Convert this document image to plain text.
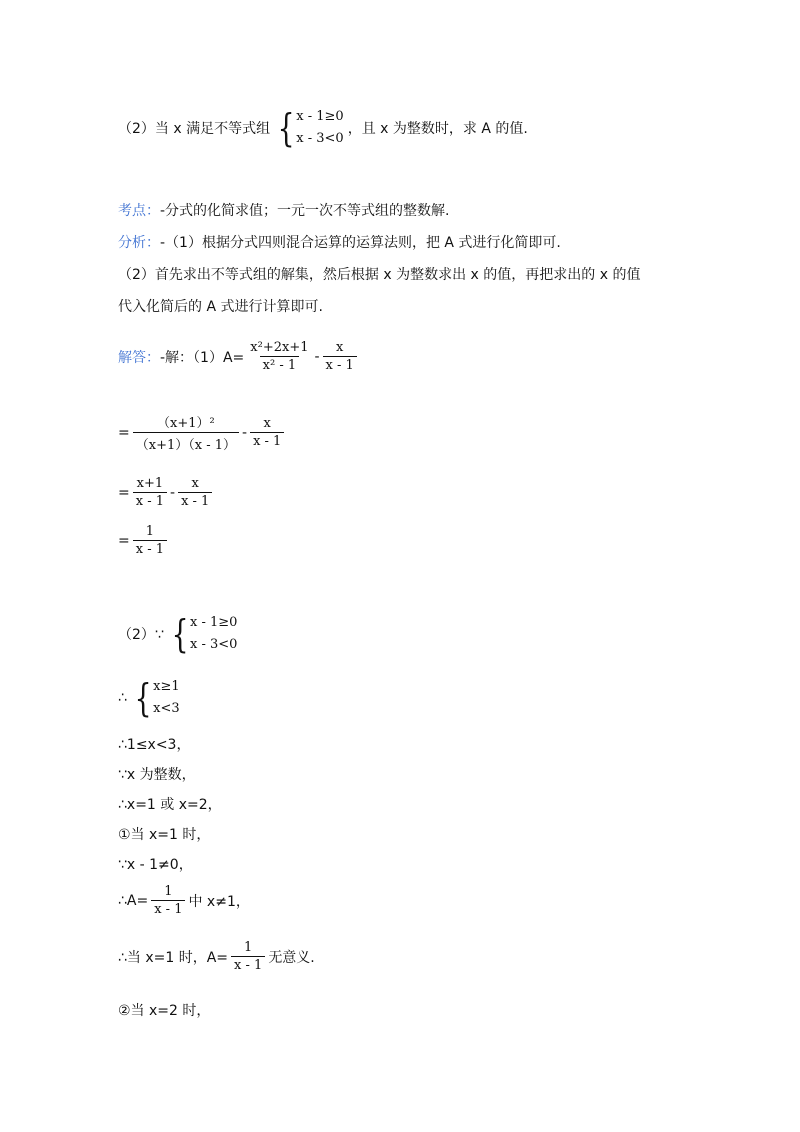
（2）当 x 满足不等式组 { x - 1≥0
x - 3<0
，且 x 为整数时，求 A 的值.
考点： -分式的化简求值；一元一次不等式组的整数解.
分析： -（1）根据分式四则混合运算的运算法则，把 A 式进行化简即可.
（2）首先求出不等式组的解集，然后根据 x 为整数求出 x 的值，再把求出的 x 的值
代入化简后的 A 式进行计算即可.
解答： -解：$(1)A= \frac{\text{x²+2x+1}}{\text{x² - 1}} - \frac{x}{x - 1}$
= $\frac{\text{（x+1）²}}{(x+1)(x - 1)} - \frac{x}{x - 1}$
= $\frac{x+1}{x - 1} - \frac{x}{x - 1}$
= $\frac{1}{x - 1}$
（2）∵ { x - 1≥0
x - 3<0
∴ { x≥1
x<3
∴1≤x<3，
∵x 为整数，
∴x=1 或 x=2，
①当 x=1 时，
∵x - 1≠0，
∴A= $\frac{1}{x - 1}$ 中 x≠1，
∴当 x=1 时，$A= \frac{1}{x - 1}$ 无意义.
②当 x=2 时，
